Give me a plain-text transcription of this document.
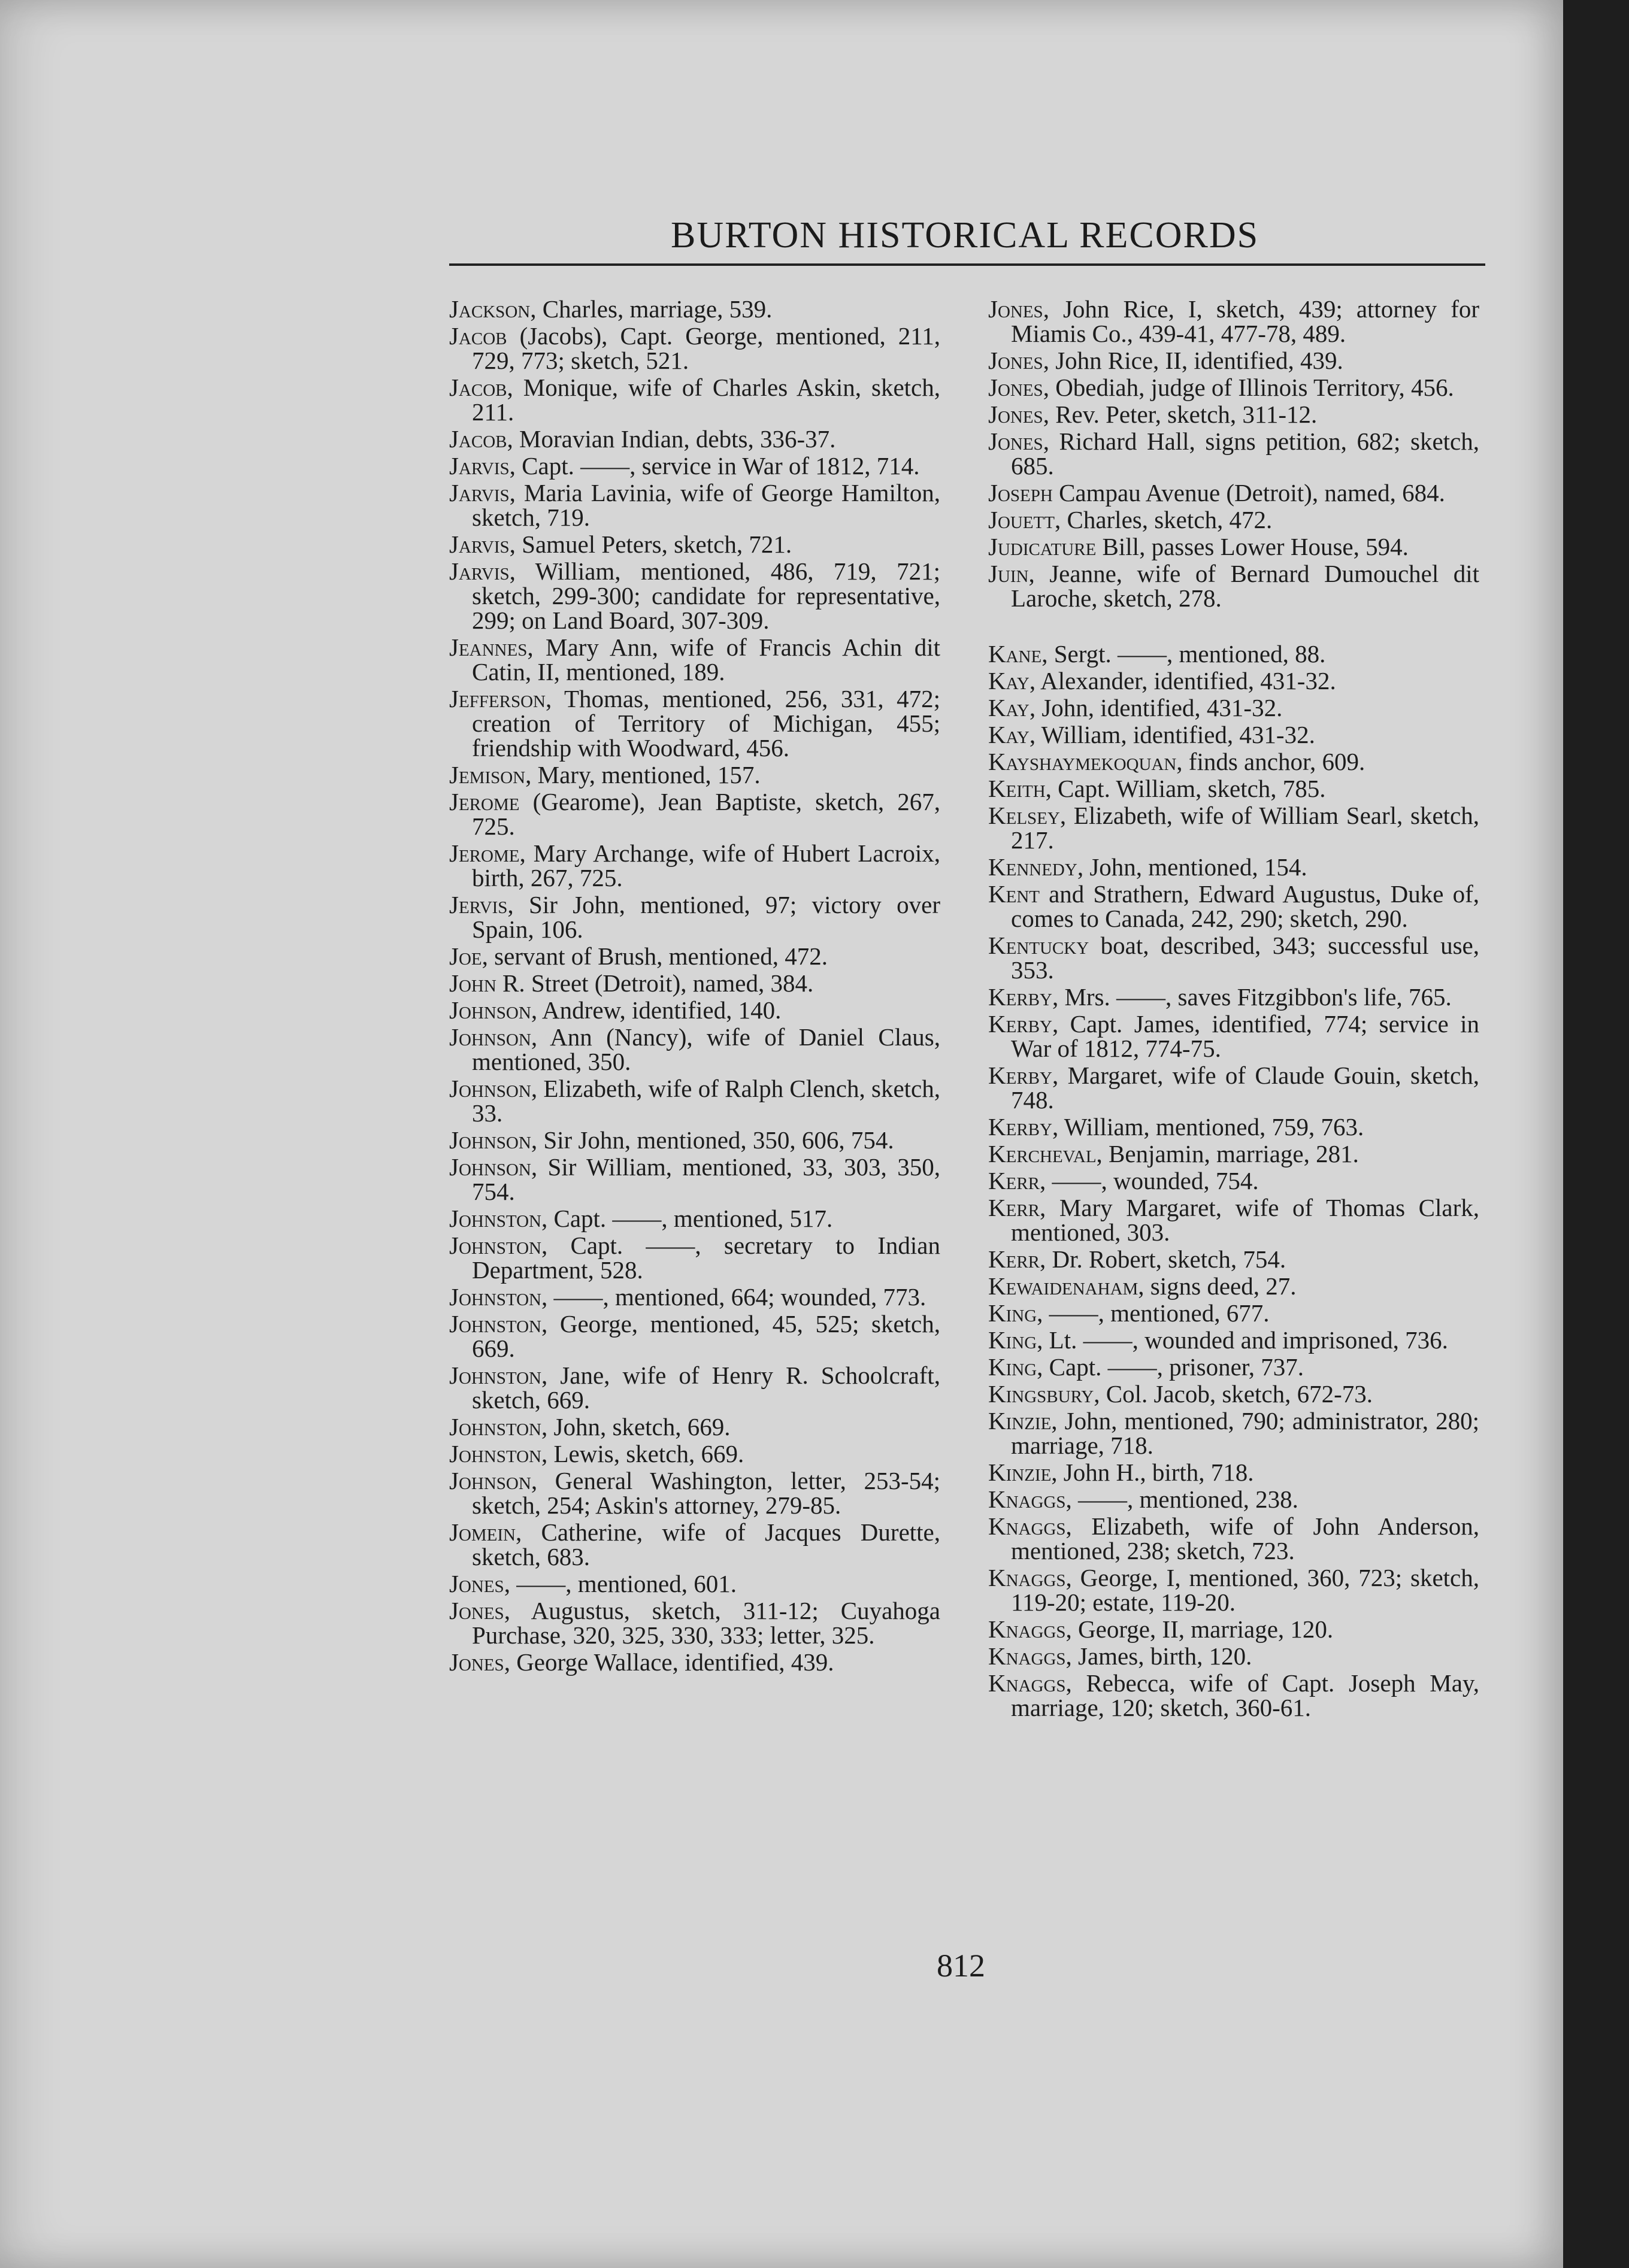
BURTON HISTORICAL RECORDS
Jackson, Charles, marriage, 539.
Jacob (Jacobs), Capt. George, mentioned, 211, 729, 773; sketch, 521.
Jacob, Monique, wife of Charles Askin, sketch, 211.
Jacob, Moravian Indian, debts, 336-37.
Jarvis, Capt. ——, service in War of 1812, 714.
Jarvis, Maria Lavinia, wife of George Hamilton, sketch, 719.
Jarvis, Samuel Peters, sketch, 721.
Jarvis, William, mentioned, 486, 719, 721; sketch, 299-300; candidate for representative, 299; on Land Board, 307-309.
Jeannes, Mary Ann, wife of Francis Achin dit Catin, II, mentioned, 189.
Jefferson, Thomas, mentioned, 256, 331, 472; creation of Territory of Michigan, 455; friendship with Woodward, 456.
Jemison, Mary, mentioned, 157.
Jerome (Gearome), Jean Baptiste, sketch, 267, 725.
Jerome, Mary Archange, wife of Hubert Lacroix, birth, 267, 725.
Jervis, Sir John, mentioned, 97; victory over Spain, 106.
Joe, servant of Brush, mentioned, 472.
John R. Street (Detroit), named, 384.
Johnson, Andrew, identified, 140.
Johnson, Ann (Nancy), wife of Daniel Claus, mentioned, 350.
Johnson, Elizabeth, wife of Ralph Clench, sketch, 33.
Johnson, Sir John, mentioned, 350, 606, 754.
Johnson, Sir William, mentioned, 33, 303, 350, 754.
Johnston, Capt. ——, mentioned, 517.
Johnston, Capt. ——, secretary to Indian Department, 528.
Johnston, ——, mentioned, 664; wounded, 773.
Johnston, George, mentioned, 45, 525; sketch, 669.
Johnston, Jane, wife of Henry R. Schoolcraft, sketch, 669.
Johnston, John, sketch, 669.
Johnston, Lewis, sketch, 669.
Johnson, General Washington, letter, 253-54; sketch, 254; Askin's attorney, 279-85.
Jomein, Catherine, wife of Jacques Durette, sketch, 683.
Jones, ——, mentioned, 601.
Jones, Augustus, sketch, 311-12; Cuyahoga Purchase, 320, 325, 330, 333; letter, 325.
Jones, George Wallace, identified, 439.
Jones, John Rice, I, sketch, 439; attorney for Miamis Co., 439-41, 477-78, 489.
Jones, John Rice, II, identified, 439.
Jones, Obediah, judge of Illinois Territory, 456.
Jones, Rev. Peter, sketch, 311-12.
Jones, Richard Hall, signs petition, 682; sketch, 685.
Joseph Campau Avenue (Detroit), named, 684.
Jouett, Charles, sketch, 472.
Judicature Bill, passes Lower House, 594.
Juin, Jeanne, wife of Bernard Dumouchel dit Laroche, sketch, 278.
Kane, Sergt. ——, mentioned, 88.
Kay, Alexander, identified, 431-32.
Kay, John, identified, 431-32.
Kay, William, identified, 431-32.
Kayshaymekoquan, finds anchor, 609.
Keith, Capt. William, sketch, 785.
Kelsey, Elizabeth, wife of William Searl, sketch, 217.
Kennedy, John, mentioned, 154.
Kent and Strathern, Edward Augustus, Duke of, comes to Canada, 242, 290; sketch, 290.
Kentucky boat, described, 343; successful use, 353.
Kerby, Mrs. ——, saves Fitzgibbon's life, 765.
Kerby, Capt. James, identified, 774; service in War of 1812, 774-75.
Kerby, Margaret, wife of Claude Gouin, sketch, 748.
Kerby, William, mentioned, 759, 763.
Kercheval, Benjamin, marriage, 281.
Kerr, ——, wounded, 754.
Kerr, Mary Margaret, wife of Thomas Clark, mentioned, 303.
Kerr, Dr. Robert, sketch, 754.
Kewaidenaham, signs deed, 27.
King, ——, mentioned, 677.
King, Lt. ——, wounded and imprisoned, 736.
King, Capt. ——, prisoner, 737.
Kingsbury, Col. Jacob, sketch, 672-73.
Kinzie, John, mentioned, 790; administrator, 280; marriage, 718.
Kinzie, John H., birth, 718.
Knaggs, ——, mentioned, 238.
Knaggs, Elizabeth, wife of John Anderson, mentioned, 238; sketch, 723.
Knaggs, George, I, mentioned, 360, 723; sketch, 119-20; estate, 119-20.
Knaggs, George, II, marriage, 120.
Knaggs, James, birth, 120.
Knaggs, Rebecca, wife of Capt. Joseph May, marriage, 120; sketch, 360-61.
812
